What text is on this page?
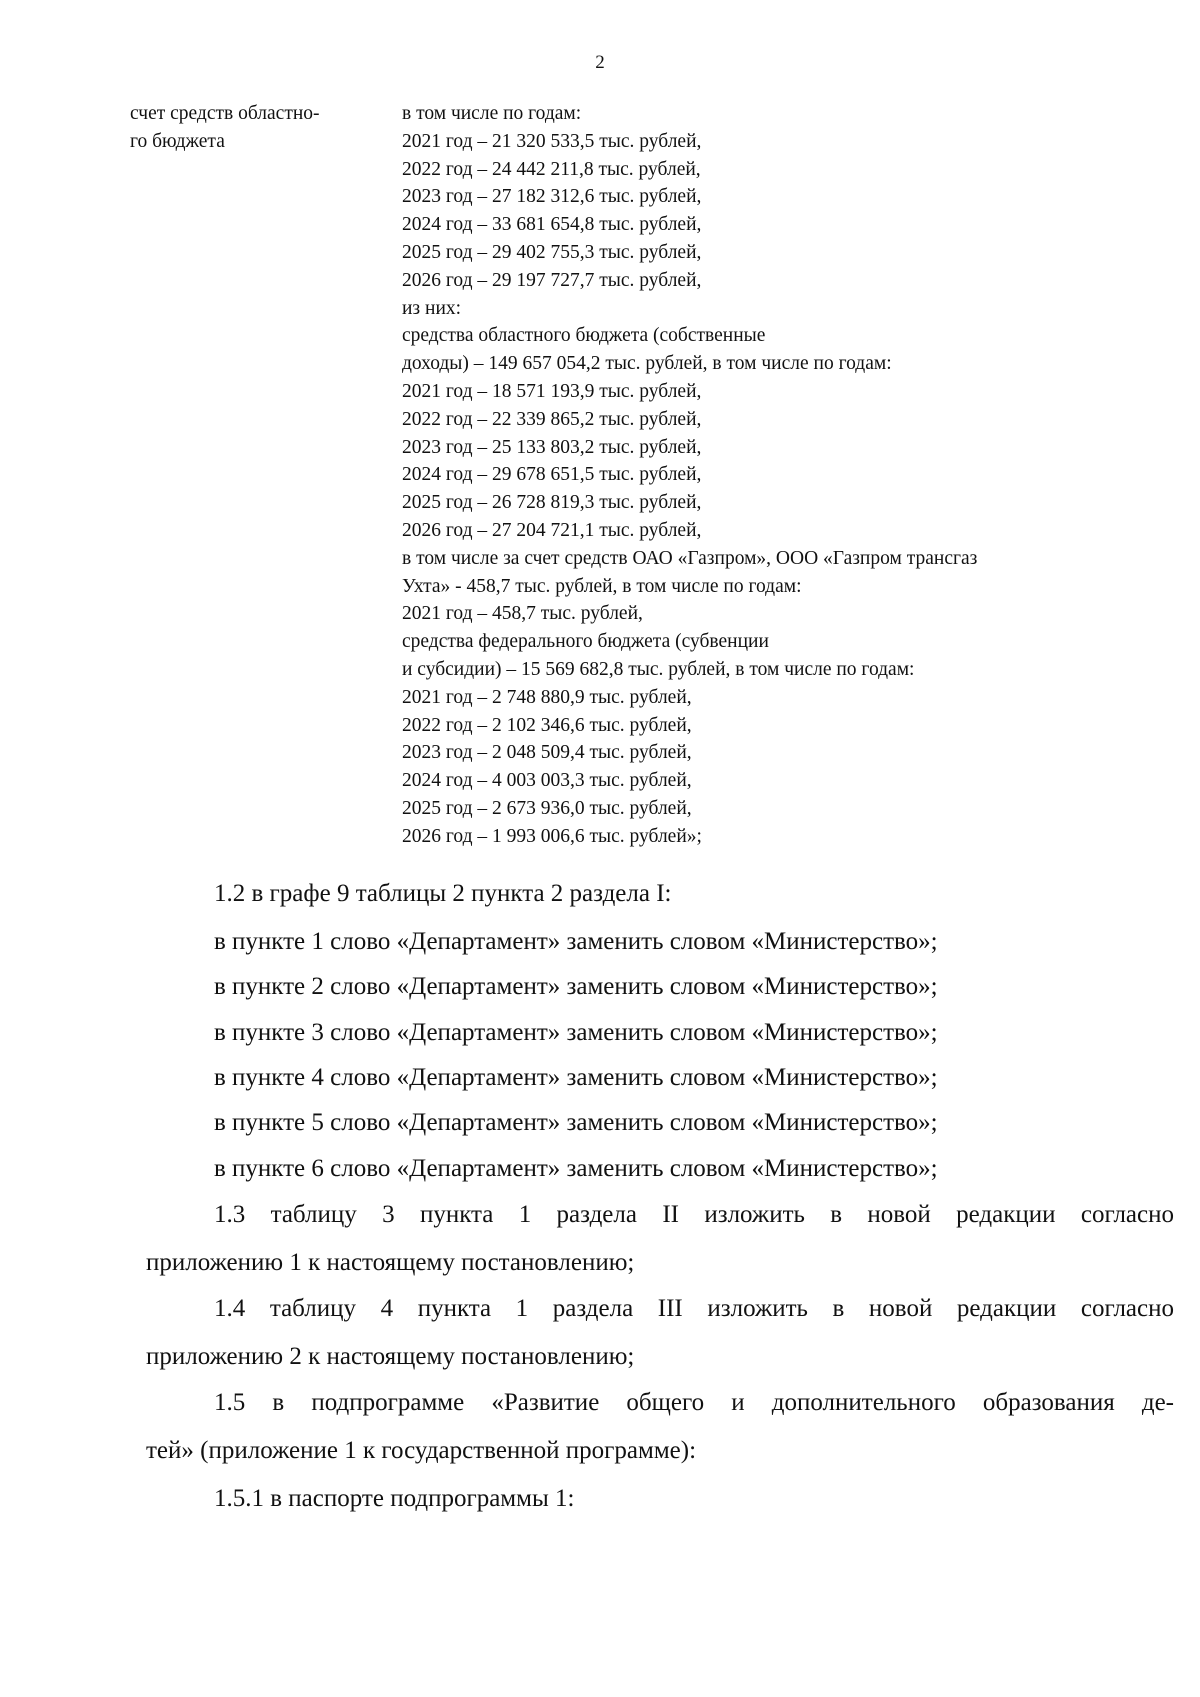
2
счет средств областно-
го бюджета
в том числе по годам:
2021 год – 21 320 533,5 тыс. рублей,
2022 год – 24 442 211,8 тыс. рублей,
2023 год – 27 182 312,6 тыс. рублей,
2024 год – 33 681 654,8 тыс. рублей,
2025 год – 29 402 755,3 тыс. рублей,
2026 год – 29 197 727,7 тыс. рублей,
из них:
средства областного бюджета (собственные
доходы) – 149 657 054,2 тыс. рублей, в том числе по годам:
2021 год – 18 571 193,9 тыс. рублей,
2022 год – 22 339 865,2 тыс. рублей,
2023 год – 25 133 803,2 тыс. рублей,
2024 год – 29 678 651,5 тыс. рублей,
2025 год – 26 728 819,3 тыс. рублей,
2026 год – 27 204 721,1 тыс. рублей,
в том числе за счет средств ОАО «Газпром», ООО «Газпром трансгаз
Ухта» - 458,7 тыс. рублей, в том числе по годам:
2021 год – 458,7 тыс. рублей,
средства федерального бюджета (субвенции
и субсидии) – 15 569 682,8 тыс. рублей, в том числе по годам:
2021 год – 2 748 880,9 тыс. рублей,
2022 год – 2 102 346,6 тыс. рублей,
2023 год – 2 048 509,4 тыс. рублей,
2024 год – 4 003 003,3 тыс. рублей,
2025 год – 2 673 936,0 тыс. рублей,
2026 год – 1 993 006,6 тыс. рублей»;
1.2 в графе 9 таблицы 2 пункта 2 раздела I:
в пункте 1 слово «Департамент» заменить словом «Министерство»;
в пункте 2 слово «Департамент» заменить словом «Министерство»;
в пункте 3 слово «Департамент» заменить словом «Министерство»;
в пункте 4 слово «Департамент» заменить словом «Министерство»;
в пункте 5 слово «Департамент» заменить словом «Министерство»;
в пункте 6 слово «Департамент» заменить словом «Министерство»;
1.3 таблицу 3 пункта 1 раздела II изложить в новой редакции согласно
приложению 1 к настоящему постановлению;
1.4 таблицу 4 пункта 1 раздела III изложить в новой редакции согласно
приложению 2 к настоящему постановлению;
1.5 в подпрограмме «Развитие общего и дополнительного образования де-
тей» (приложение 1 к государственной программе):
1.5.1 в паспорте подпрограммы 1:
